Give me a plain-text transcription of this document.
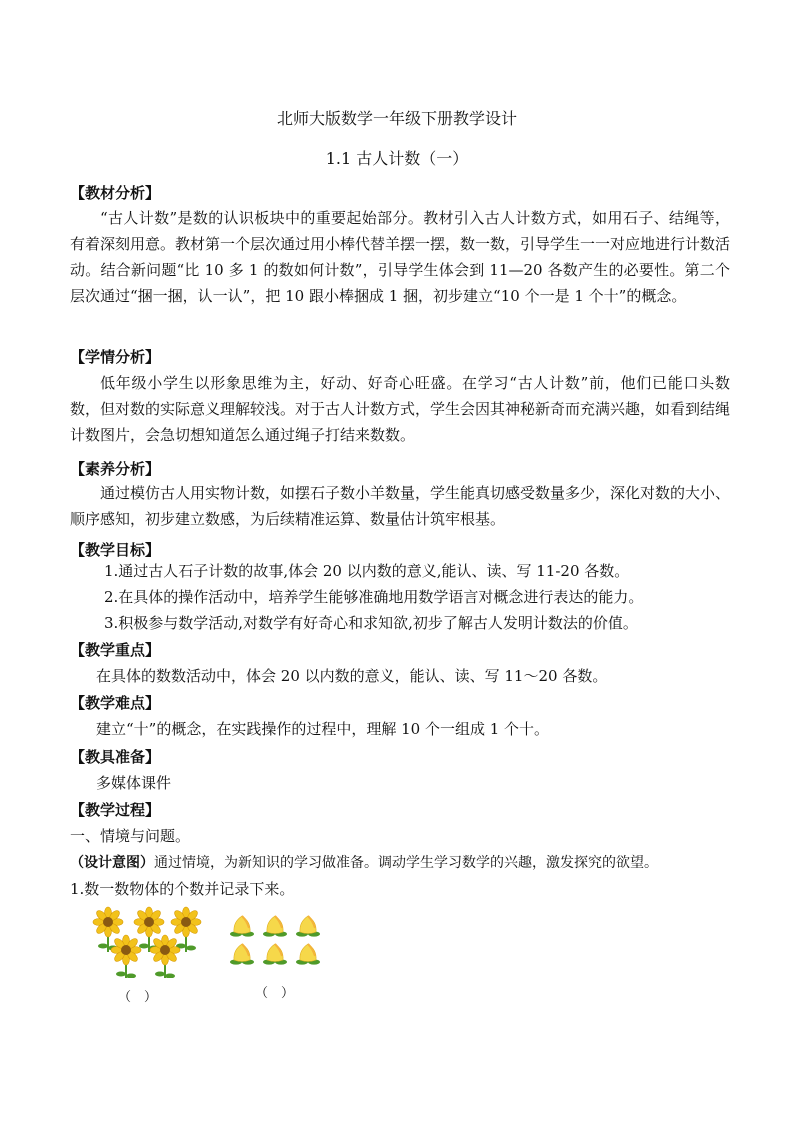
北师大版数学一年级下册教学设计
1.1 古人计数（一）
【教材分析】
“古人计数”是数的认识板块中的重要起始部分。教材引入古人计数方式，如用石子、结绳等，有着深刻用意。教材第一个层次通过用小棒代替羊摆一摆，数一数，引导学生一一对应地进行计数活动。结合新问题“比 10 多 1 的数如何计数”，引导学生体会到 11—20 各数产生的必要性。第二个层次通过“捆一捆，认一认”，把 10 跟小棒捆成 1 捆，初步建立“10 个一是 1 个十”的概念。
【学情分析】
低年级小学生以形象思维为主，好动、好奇心旺盛。在学习“古人计数”前，他们已能口头数数，但对数的实际意义理解较浅。对于古人计数方式，学生会因其神秘新奇而充满兴趣，如看到结绳计数图片，会急切想知道怎么通过绳子打结来数数。
【素养分析】
通过模仿古人用实物计数，如摆石子数小羊数量，学生能真切感受数量多少，深化对数的大小、顺序感知，初步建立数感，为后续精准运算、数量估计筑牢根基。
【教学目标】
1.通过古人石子计数的故事,体会 20 以内数的意义,能认、读、写 11-20 各数。
2.在具体的操作活动中，培养学生能够准确地用数学语言对概念进行表达的能力。
3.积极参与数学活动,对数学有好奇心和求知欲,初步了解古人发明计数法的价值。
【教学重点】
在具体的数数活动中，体会 20 以内数的意义，能认、读、写 11～20 各数。
【教学难点】
建立“十”的概念，在实践操作的过程中，理解 10 个一组成 1 个十。
【教具准备】
多媒体课件
【教学过程】
一、情境与问题。
（设计意图）通过情境，为新知识的学习做准备。调动学生学习数学的兴趣，激发探究的欲望。
1.数一数物体的个数并记录下来。
（　）	（　）
